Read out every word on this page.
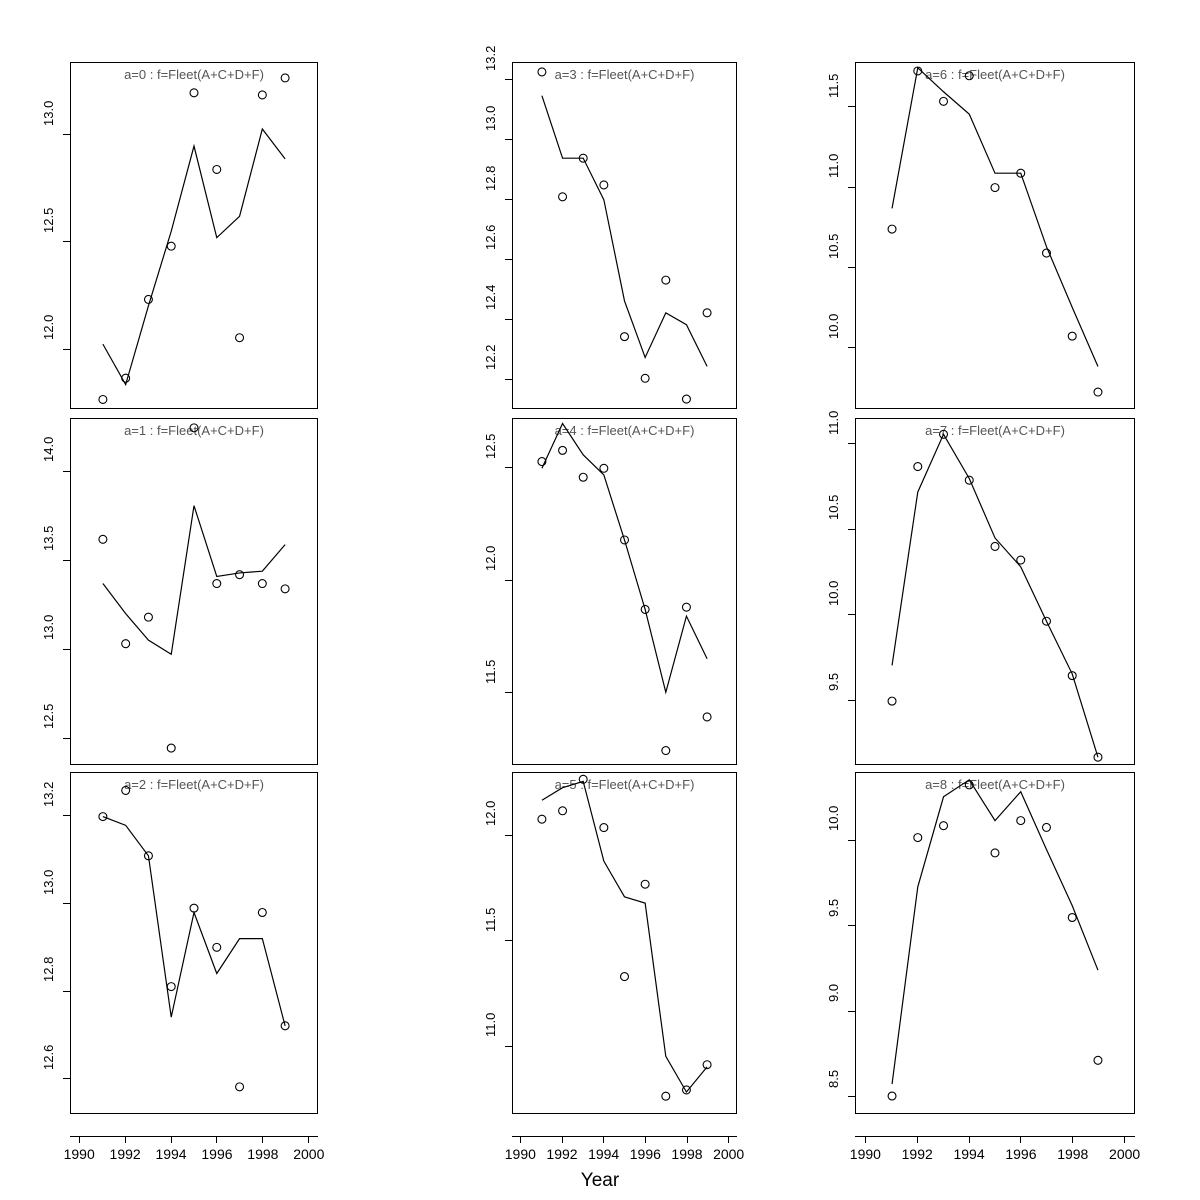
a=0 : f=Fleet(A+C+D+F)
12.0
12.5
13.0
a=1 : f=Fleet(A+C+D+F)
12.5
13.0
13.5
14.0
a=2 : f=Fleet(A+C+D+F)
12.6
12.8
13.0
13.2
1990	1992	1994	1996	1998	2000
a=3 : f=Fleet(A+C+D+F)
12.2
12.4
12.6
12.8
13.0
13.2
a=4 : f=Fleet(A+C+D+F)
11.5
12.0
12.5
a=5 : f=Fleet(A+C+D+F)
11.0
11.5
12.0
1990 1992 1994 1996 1998 2000
a=6 : f=Fleet(A+C+D+F)
10.0
10.5
11.0
11.5
a=7 : f=Fleet(A+C+D+F)
9.5
10.0
10.5
11.0
a=8 : f=Fleet(A+C+D+F)
8.5
9.0
9.5
10.0
1990	1992	1994	1996	1998	2000
Year
